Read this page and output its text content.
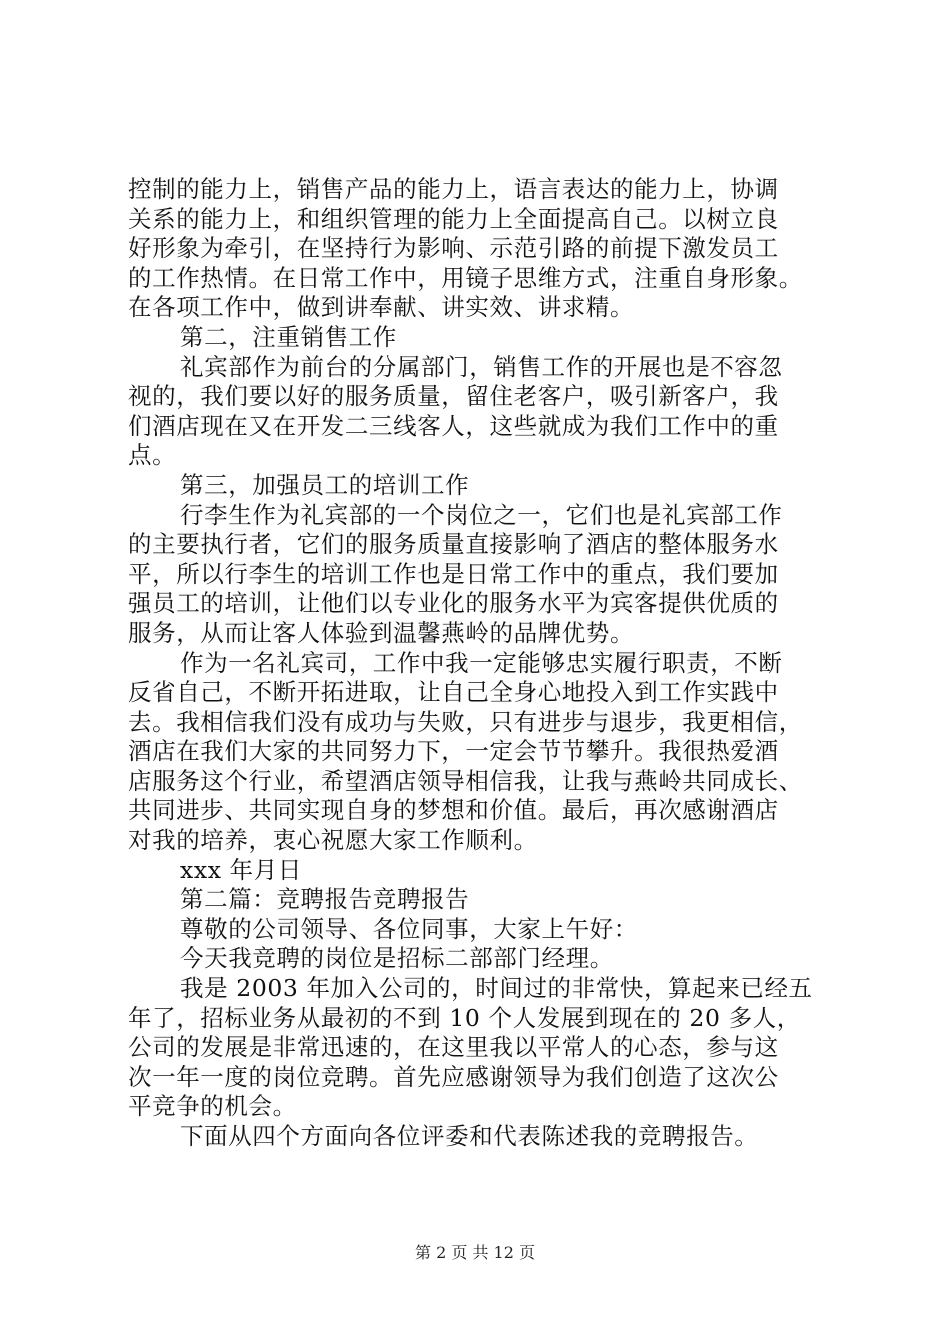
控制的能力上，销售产品的能力上，语言表达的能力上，协调
关系的能力上，和组织管理的能力上全面提高自己。以树立良
好形象为牵引，在坚持行为影响、示范引路的前提下激发员工
的工作热情。在日常工作中，用镜子思维方式，注重自身形象。
在各项工作中，做到讲奉献、讲实效、讲求精。
第二，注重销售工作
礼宾部作为前台的分属部门，销售工作的开展也是不容忽
视的，我们要以好的服务质量，留住老客户，吸引新客户，我
们酒店现在又在开发二三线客人，这些就成为我们工作中的重
点。
第三，加强员工的培训工作
行李生作为礼宾部的一个岗位之一，它们也是礼宾部工作
的主要执行者，它们的服务质量直接影响了酒店的整体服务水
平，所以行李生的培训工作也是日常工作中的重点，我们要加
强员工的培训，让他们以专业化的服务水平为宾客提供优质的
服务，从而让客人体验到温馨燕岭的品牌优势。
作为一名礼宾司，工作中我一定能够忠实履行职责，不断
反省自己，不断开拓进取，让自己全身心地投入到工作实践中
去。我相信我们没有成功与失败，只有进步与退步，我更相信，
酒店在我们大家的共同努力下，一定会节节攀升。我很热爱酒
店服务这个行业，希望酒店领导相信我，让我与燕岭共同成长、
共同进步、共同实现自身的梦想和价值。最后，再次感谢酒店
对我的培养，衷心祝愿大家工作顺利。
xxx 年月日
第二篇：竞聘报告竞聘报告
尊敬的公司领导、各位同事，大家上午好：
今天我竞聘的岗位是招标二部部门经理。
我是 2003 年加入公司的，时间过的非常快，算起来已经五
年了，招标业务从最初的不到 10 个人发展到现在的 20 多人，
公司的发展是非常迅速的，在这里我以平常人的心态，参与这
次一年一度的岗位竞聘。首先应感谢领导为我们创造了这次公
平竞争的机会。
下面从四个方面向各位评委和代表陈述我的竞聘报告。
第 2 页 共 12 页
